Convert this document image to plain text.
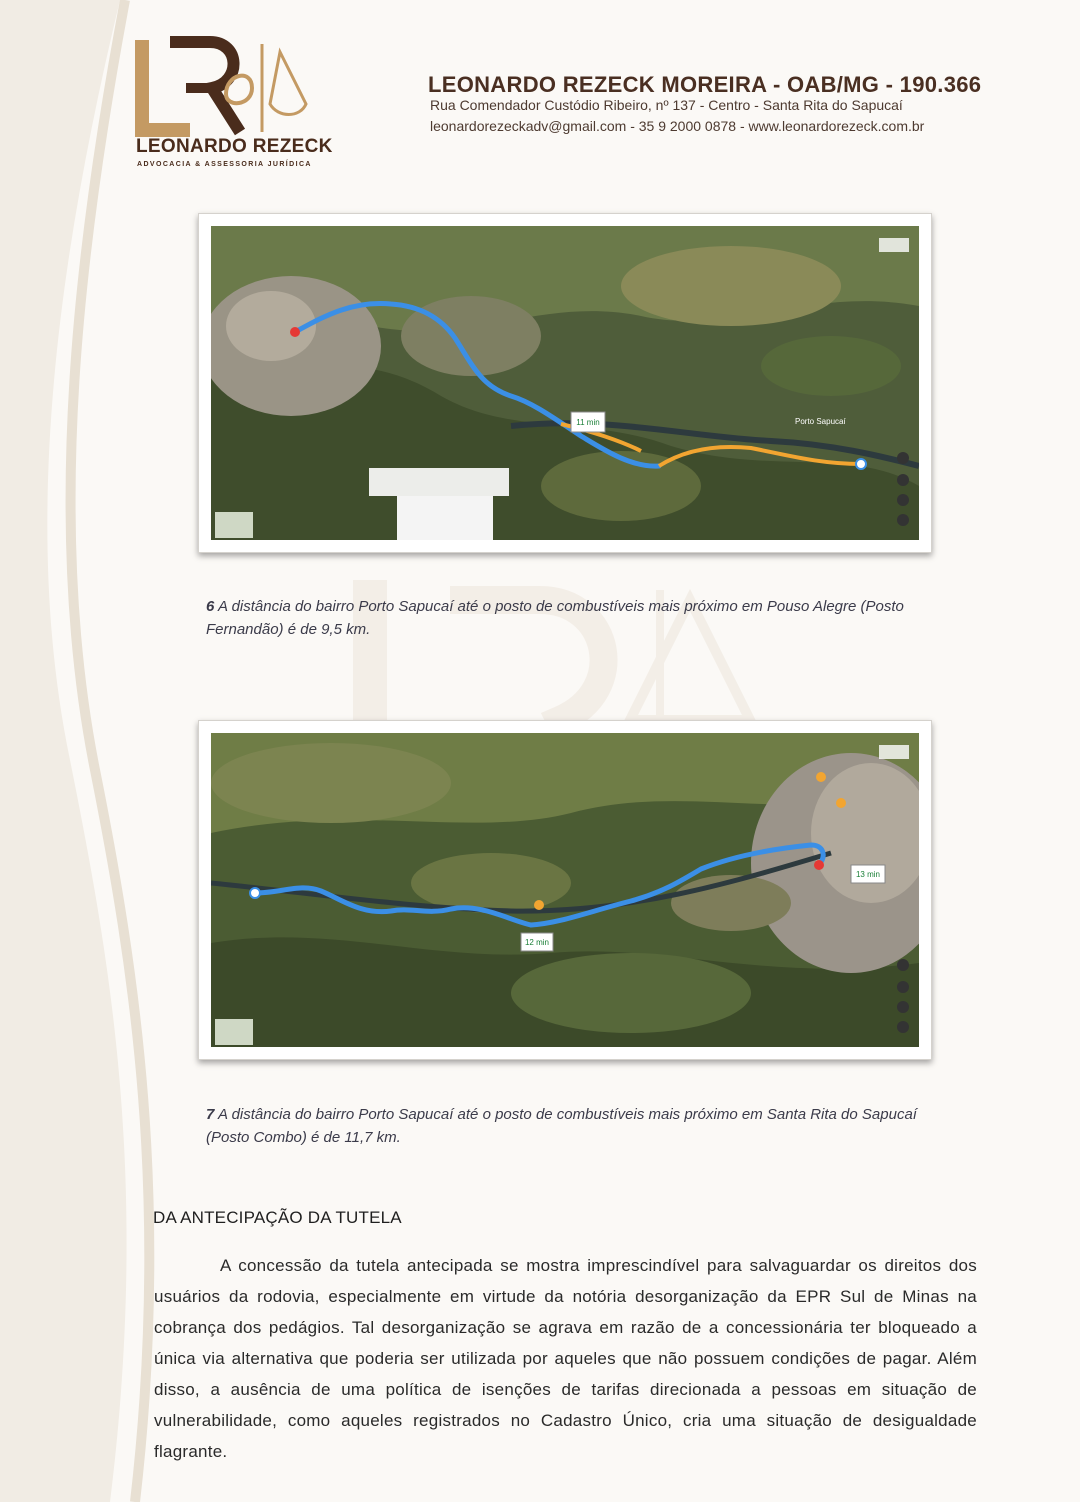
LEONARDO REZECK
ADVOCACIA & ASSESSORIA JURÍDICA
LEONARDO REZECK MOREIRA - OAB/MG - 190.366
Rua Comendador Custódio Ribeiro, nº 137 - Centro - Santa Rita do Sapucaí
leonardorezeckadv@gmail.com - 35 9 2000 0878 - www.leonardorezeck.com.br
11 min	Porto Sapucaí
6 A distância do bairro Porto Sapucaí até o posto de combustíveis mais próximo em Pouso Alegre (Posto Fernandão) é de 9,5 km.
12 min
13 min
7 A distância do bairro Porto Sapucaí até o posto de combustíveis mais próximo em Santa Rita do Sapucaí (Posto Combo) é de 11,7 km.
DA ANTECIPAÇÃO DA TUTELA
A concessão da tutela antecipada se mostra imprescindível para salvaguardar os direitos dos usuários da rodovia, especialmente em virtude da notória desorganização da EPR Sul de Minas na cobrança dos pedágios. Tal desorganização se agrava em razão de a concessionária ter bloqueado a única via alternativa que poderia ser utilizada por aqueles que não possuem condições de pagar. Além disso, a ausência de uma política de isenções de tarifas direcionada a pessoas em situação de vulnerabilidade, como aqueles registrados no Cadastro Único, cria uma situação de desigualdade flagrante.
